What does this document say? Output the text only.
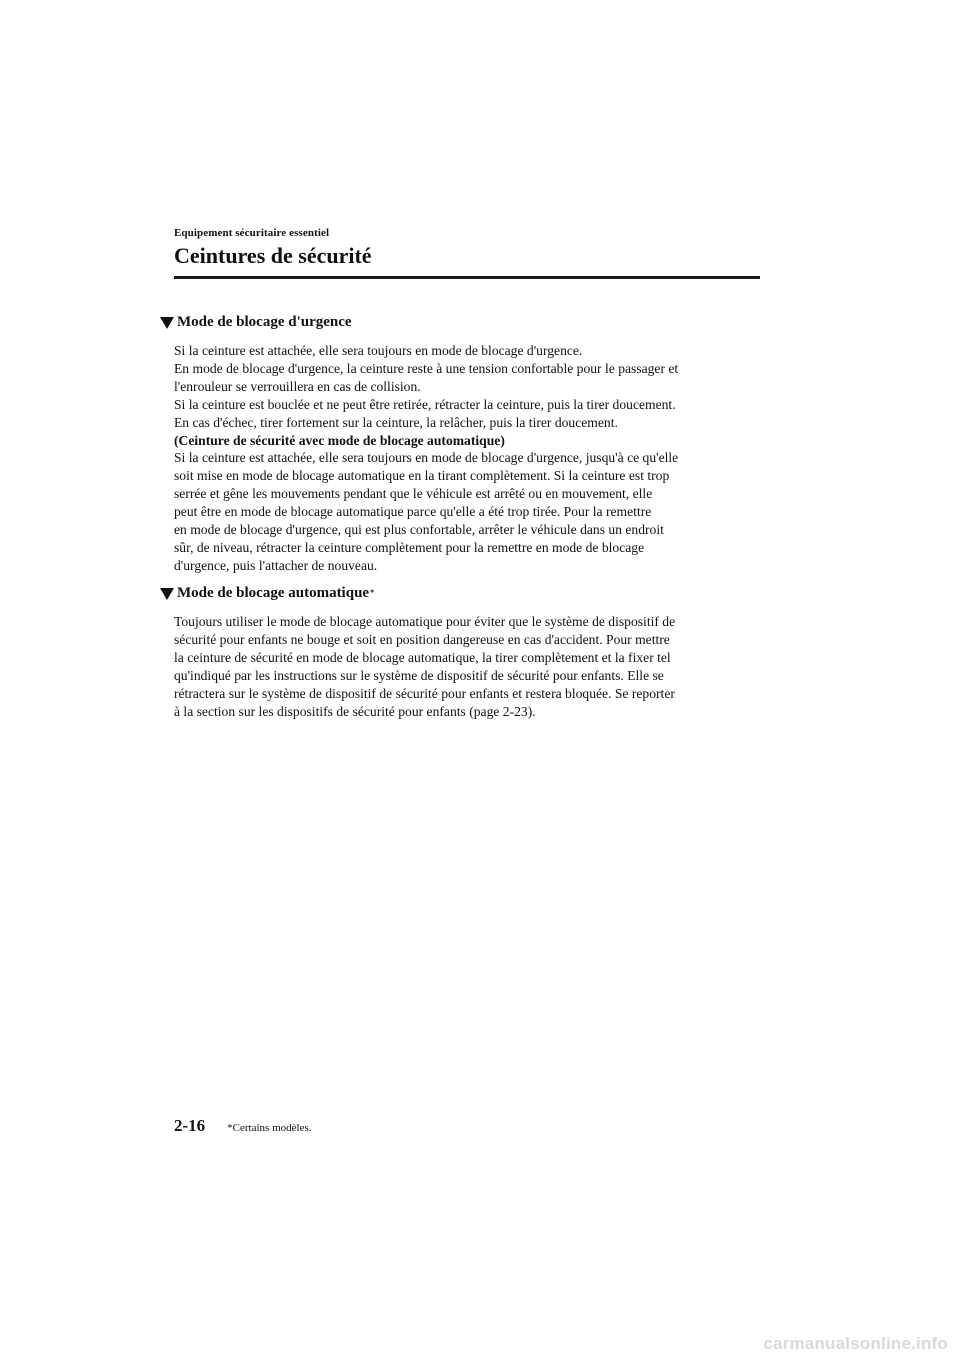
Equipement sécuritaire essentiel
Ceintures de sécurité
Mode de blocage d'urgence

Si la ceinture est attachée, elle sera toujours en mode de blocage d'urgence.

En mode de blocage d'urgence, la ceinture reste à une tension confortable pour le passager et

l'enrouleur se verrouillera en cas de collision.

Si la ceinture est bouclée et ne peut être retirée, rétracter la ceinture, puis la tirer doucement.

En cas d'échec, tirer fortement sur la ceinture, la relâcher, puis la tirer doucement.

(Ceinture de sécurité avec mode de blocage automatique)

Si la ceinture est attachée, elle sera toujours en mode de blocage d'urgence, jusqu'à ce qu'elle

soit mise en mode de blocage automatique en la tirant complètement. Si la ceinture est trop

serrée et gêne les mouvements pendant que le véhicule est arrêté ou en mouvement, elle

peut être en mode de blocage automatique parce qu'elle a été trop tirée. Pour la remettre

en mode de blocage d'urgence, qui est plus confortable, arrêter le véhicule dans un endroit

sûr, de niveau, rétracter la ceinture complètement pour la remettre en mode de blocage

d'urgence, puis l'attacher de nouveau.

Mode de blocage automatique *

Toujours utiliser le mode de blocage automatique pour éviter que le système de dispositif de

sécurité pour enfants ne bouge et soit en position dangereuse en cas d'accident. Pour mettre

la ceinture de sécurité en mode de blocage automatique, la tirer complètement et la fixer tel

qu'indiqué par les instructions sur le système de dispositif de sécurité pour enfants. Elle se

rétractera sur le système de dispositif de sécurité pour enfants et restera bloquée. Se reporter

à la section sur les dispositifs de sécurité pour enfants (page 2-23).

2-16 *Certains modèles.
carmanualsonline.info
